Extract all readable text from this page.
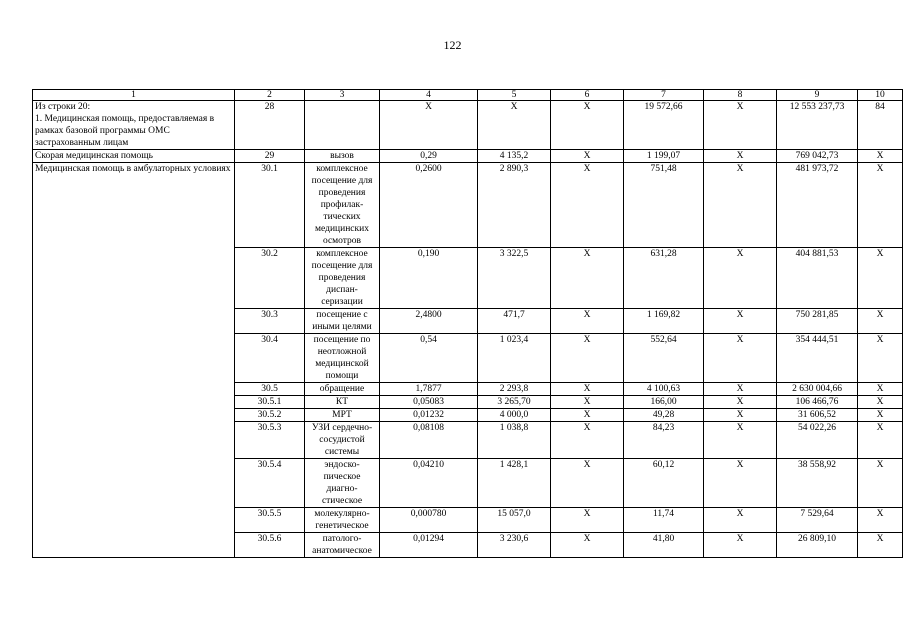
122
1	2	3	4	5	6	7	8	9	10
Из строки 20:
1. Медицинская помощь, предоставляемая в рамках базовой программы ОМС застрахованным лицам	28		X	X	X	19 572,66	X	12 553 237,73	84
Скорая медицинская помощь	29	вызов	0,29	4 135,2	X	1 199,07	X	769 042,73	X
Медицинская помощь в амбулаторных условиях	30.1	комплексное посещение для проведения профилак-тических медицинских осмотров	0,2600	2 890,3	X	751,48	X	481 973,72	X
	30.2	комплексное посещение для проведения диспан-серизации	0,190	3 322,5	X	631,28	X	404 881,53	X
	30.3	посещение с иными целями	2,4800	471,7	X	1 169,82	X	750 281,85	X
	30.4	посещение по неотложной медицинской помощи	0,54	1 023,4	X	552,64	X	354 444,51	X
	30.5	обращение	1,7877	2 293,8	X	4 100,63	X	2 630 004,66	X
	30.5.1	КТ	0,05083	3 265,70	X	166,00	X	106 466,76	X
	30.5.2	МРТ	0,01232	4 000,0	X	49,28	X	31 606,52	X
	30.5.3	УЗИ сердечно-сосудистой системы	0,08108	1 038,8	X	84,23	X	54 022,26	X
	30.5.4	эндоско-пическое диагно-стическое	0,04210	1 428,1	X	60,12	X	38 558,92	X
	30.5.5	молекулярно-генетическое	0,000780	15 057,0	X	11,74	X	7 529,64	X
	30.5.6	патолого-анатомическое	0,01294	3 230,6	X	41,80	X	26 809,10	X
